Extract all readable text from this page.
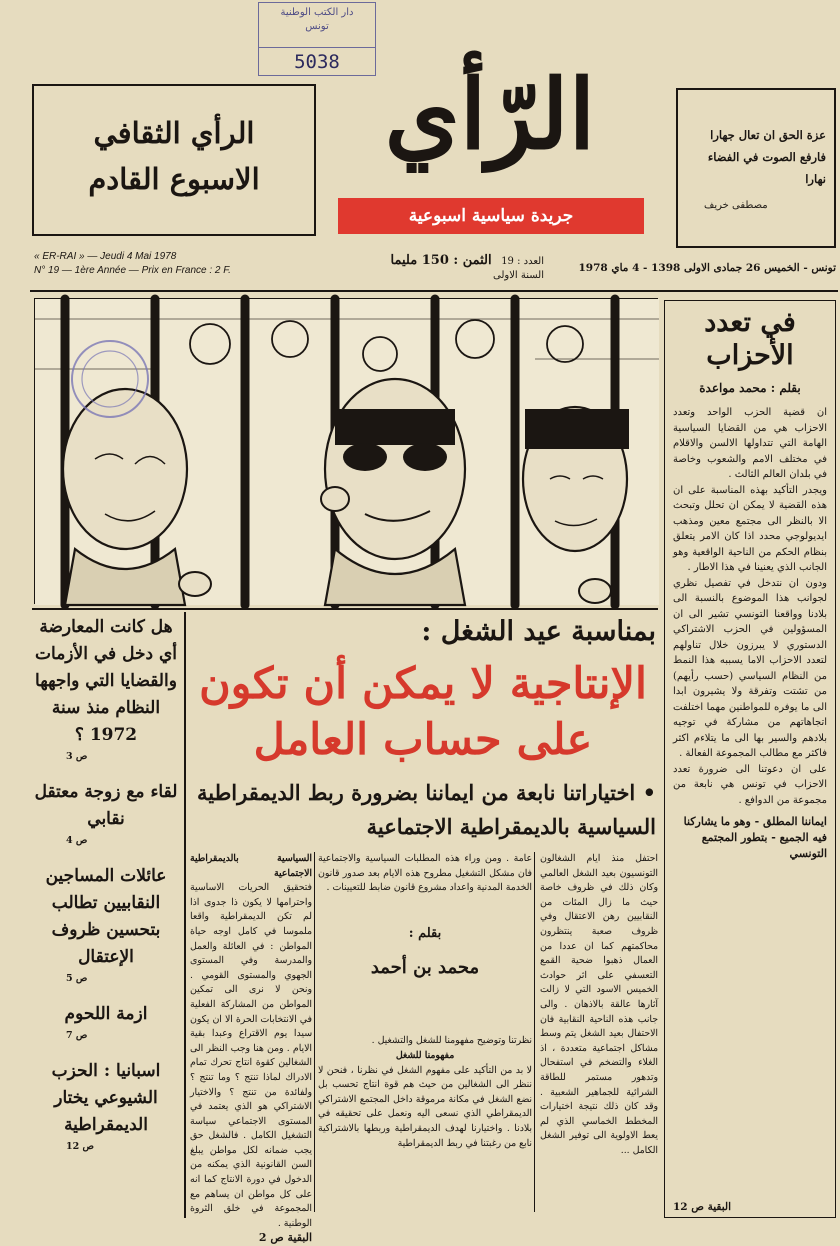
دار الكتب الوطنية
تونس
5038 الرّأي
جريدة سياسية اسبوعية
الرأي الثقافي
الاسبوع القادم
عزة الحق ان تعال جهارا
فارفع الصوت في الفضاء نهارا
مصطفى خريف
« ER-RAI » — Jeudi 4 Mai 1978
N° 19 — 1ère Année — Prix en France : 2 F.
العدد : 19   الثمن : 150 مليما
السنة الاولى
تونس - الخميس 26 جمادى الاولى 1398 - 4 ماي 1978
في تعدد
الأحزاب
بقلم : محمد مواعدة
ان قضية الحزب الواحد وتعدد الاحزاب هي من القضايا السياسية الهامة التي تتداولها الالسن والاقلام في مختلف الامم والشعوب وخاصة في بلدان العالم الثالث .
ويجدر التأكيد بهذه المناسبة على ان هذه القضية لا يمكن ان تحلل وتبحث الا بالنظر الى مجتمع معين ومذهب ايديولوجي محدد اذا كان الامر يتعلق بنظام الحكم من الناحية الواقعية وهو الجانب الذي يعنينا في هذا الاطار .
ودون ان نتدخل في تفصيل نظري لجوانب هذا الموضوع بالنسبة الى بلادنا وواقعنا التونسي تشير الى ان المسؤولين في الحزب الاشتراكي الدستوري لا يبرزون خلال تناولهم لتعدد الاحزاب الاما يسببه هذا النمط من النظام السياسي (حسب رأيهم) من تشتت وتفرقة ولا يشيرون ابدا الى ما يوفره للمواطنين مهما اختلفت اتجاهاتهم من مشاركة في توجيه بلادهم والسير بها الى ما يتلاءم اكثر فاكثر مع مطالب المجموعة الفعالة .
على ان دعوتنا الى ضرورة تعدد الاحزاب في تونس هي نابعة من مجموعة من الدوافع .
ايماننا المطلق - وهو ما يشاركنا فيه الجميع - بتطور المجتمع التونسي
البقية ص 12
هل كانت المعارضة أي دخل في الأزمات والقضايا التي واجهها النظام منذ سنة 1972 ؟
ص 3
لقاء مع زوجة معتقل نقابي
ص 4
عائلات المساجين النقابيين تطالب بتحسين ظروف الإعتقال
ص 5
ازمة اللحوم
ص 7
اسبانيا : الحزب الشيوعي يختار الديمقراطية
ص 12
بمناسبة عيد الشغل :
الإنتاجية لا يمكن أن تكون
على حساب العامل
• اختياراتنا نابعة من ايماننا بضرورة ربط الديمقراطية السياسية بالديمقراطية الاجتماعية
احتفل منذ ايام الشغالون التونسيون بعيد الشغل العالمي وكان ذلك في ظروف خاصة حيث ما زال المئات من النقابيين رهن الاعتقال وفي ظروف صعبة ينتظرون محاكمتهم كما ان عددا من العمال ذهبوا ضحية القمع التعسفي على اثر حوادث الخميس الاسود التي لا زالت آثارها عالقة بالاذهان . والى جانب هذه الناحية النقابية فان الاحتفال بعيد الشغل يتم وسط مشاكل اجتماعية متعددة ، اذ الغلاء والتضخم في استفحال وتدهور مستمر للطاقة الشرائية للجماهير الشعبية . وقد كان ذلك نتيجة اختيارات المخطط الخماسي الذي لم يعط الاولوية الى توفير الشغل الكامل ...
عامة . ومن وراء هذه المطلبات السياسية والاجتماعية فان مشكل التشغيل مطروح هذه الايام بعد صدور قانون الخدمة المدنية واعداد مشروع قانون ضابط للتعيينات .
نظرتنا وتوضيح مفهومنا للشغل والتشغيل .
مفهومنا للشغل
لا بد من التأكيد على مفهوم الشغل في نظرنا ، فنحن لا ننظر الى الشغالين من حيث هم قوة انتاج تحسب بل نضع الشغل في مكانة مرموقة داخل المجتمع الاشتراكي الديمقراطي الذي نسعى اليه ونعمل على تحقيقه في بلادنا . واختيارنا لهدف الديمقراطية وربطها بالاشتراكية نابع من رغبتنا في ربط الديمقراطية
بقلم :
محمد بن أحمد
السياسية بالديمقراطية الاجتماعية
فتحقيق الحريات الاساسية واحترامها لا يكون ذا جدوى اذا لم تكن الديمقراطية واقعا ملموسا في كامل اوجه حياة المواطن : في العائلة والعمل والمدرسة وفي المستوى الجهوي والمستوى القومي . ونحن لا نرى الى تمكين المواطن من المشاركة الفعلية في الانتخابات الحرة الا ان يكون سيدا يوم الاقتراع وعبدا بقية الايام . ومن هنا وجب النظر الى الشغالين كقوة انتاج تحرك تمام الادراك لماذا تنتج ؟ وما تنتج ؟ ولفائدة من تنتج ؟ والاختيار الاشتراكي هو الذي يعتمد في المستوى الاجتماعي سياسة التشغيل الكامل . فالشغل حق يجب ضمانه لكل مواطن يبلغ السن القانونية الذي يمكنه من الدخول في دورة الانتاج كما انه على كل مواطن ان يساهم مع المجموعة في خلق الثروة الوطنية .
البقية ص 2
